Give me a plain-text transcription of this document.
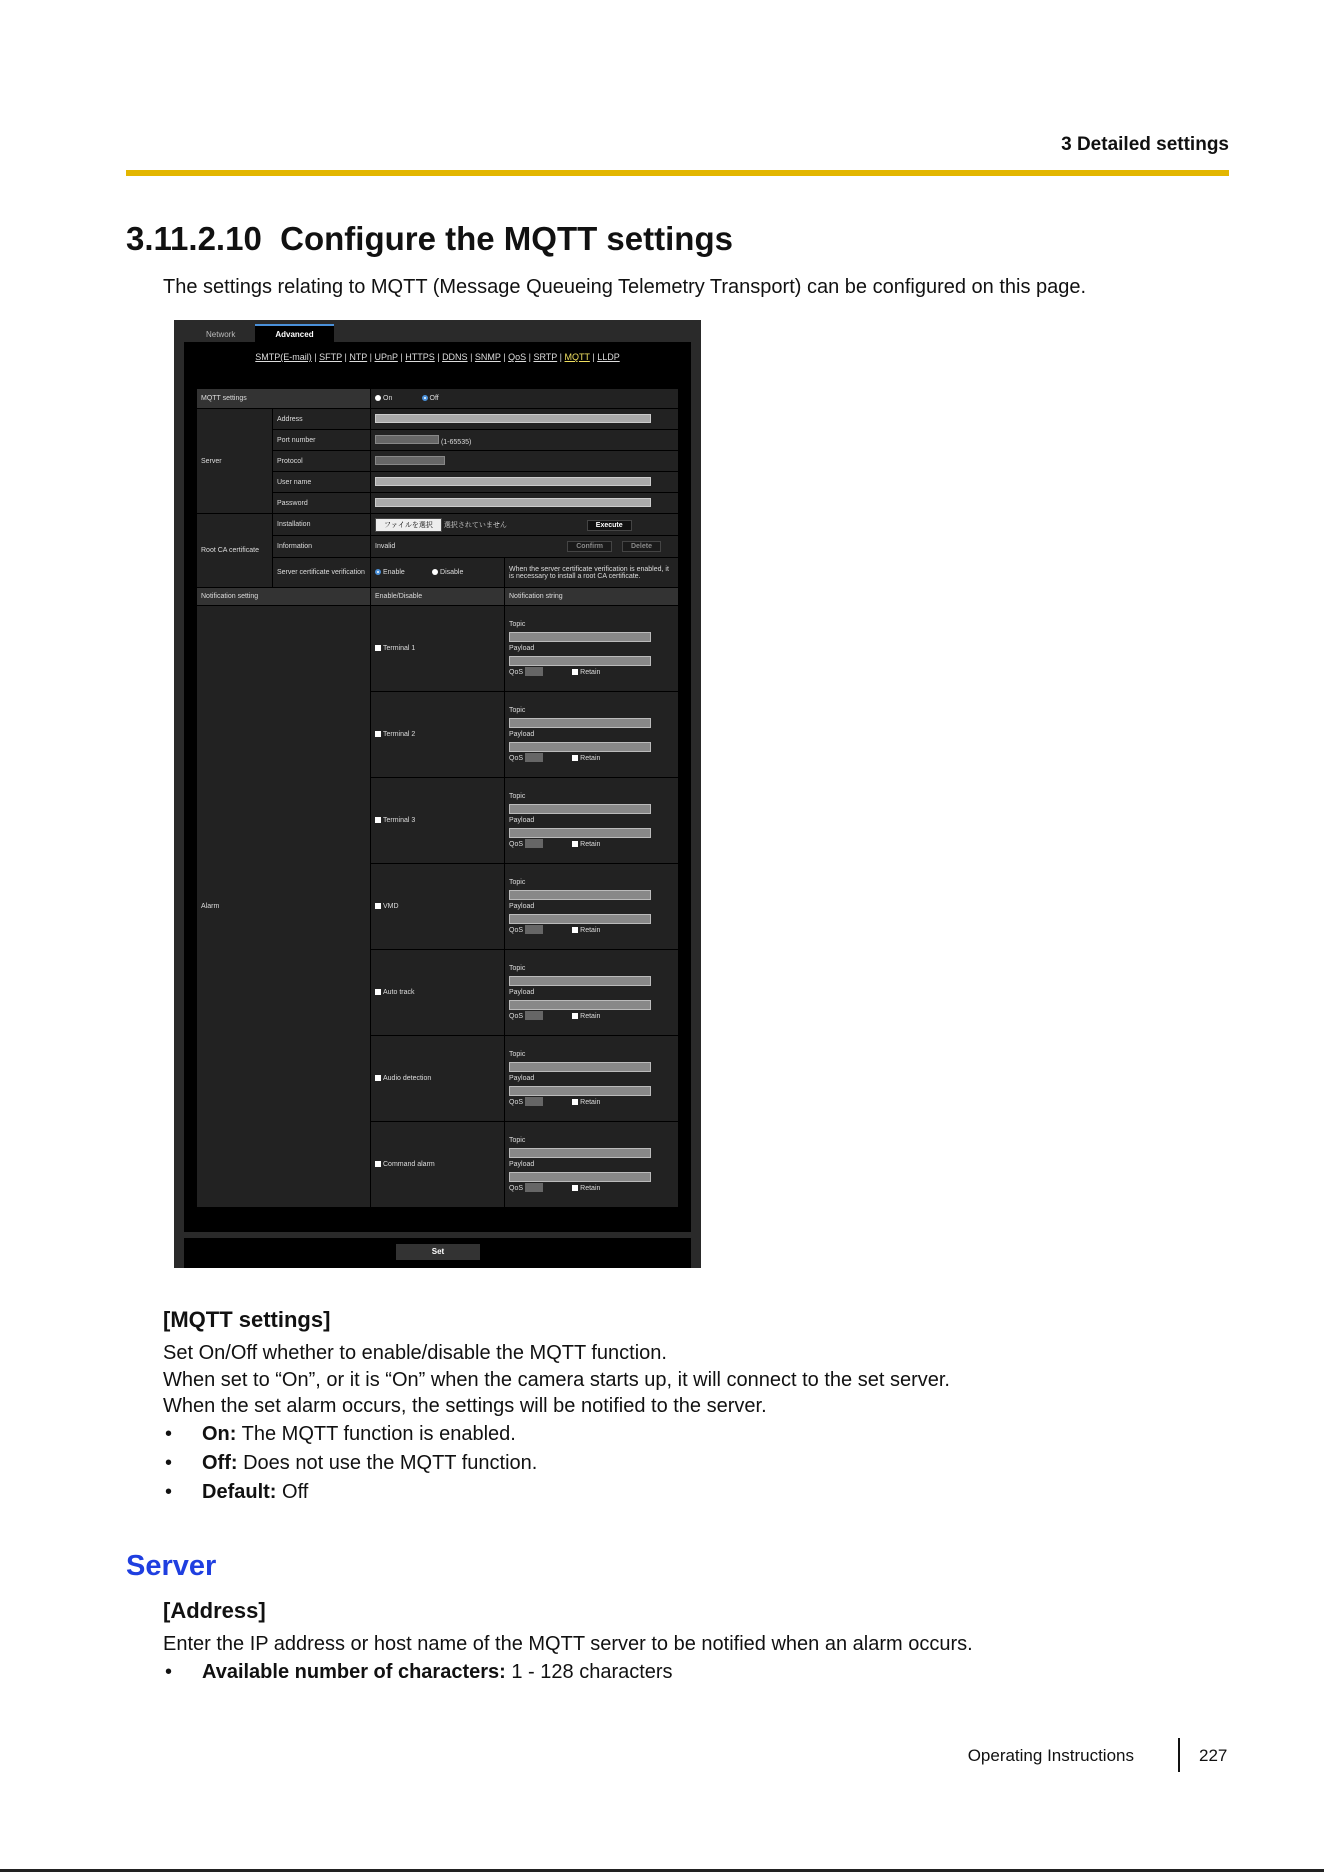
3 Detailed settings
3.11.2.10  Configure the MQTT settings
The settings relating to MQTT (Message Queueing Telemetry Transport) can be configured on this page.
Network	Advanced
SMTP(E-mail) | SFTP | NTP | UPnP | HTTPS | DDNS | SNMP | QoS | SRTP | MQTT | LLDP
MQTT settings		On Off	
Server	Address		
	Port number	(1-65535)	
	Protocol		
	User name		
	Password		
Root CA certificate	Installation	ファイルを選択 選択されていません Execute	
	Information	Invalid Confirm Delete	
	Server certificate verification	Enable Disable	When the server certificate verification is enabled, it is necessary to install a root CA certificate.
Notification setting		Enable/Disable	Notification string
Alarm		Terminal 1	Topic
Payload
QoS Retain

		Terminal 2	Topic
Payload
QoS Retain

		Terminal 3	Topic
Payload
QoS Retain

		VMD	Topic
Payload
QoS Retain

		Auto track	Topic
Payload
QoS Retain

		Audio detection	Topic
Payload
QoS Retain

		Command alarm	Topic
Payload
QoS Retain
Set
[MQTT settings]
Set On/Off whether to enable/disable the MQTT function.
When set to “On”, or it is “On” when the camera starts up, it will connect to the set server.
When the set alarm occurs, the settings will be notified to the server.
• On: The MQTT function is enabled.
• Off: Does not use the MQTT function.
• Default: Off
Server
[Address]
Enter the IP address or host name of the MQTT server to be notified when an alarm occurs.
• Available number of characters: 1 - 128 characters
Operating Instructions	227
